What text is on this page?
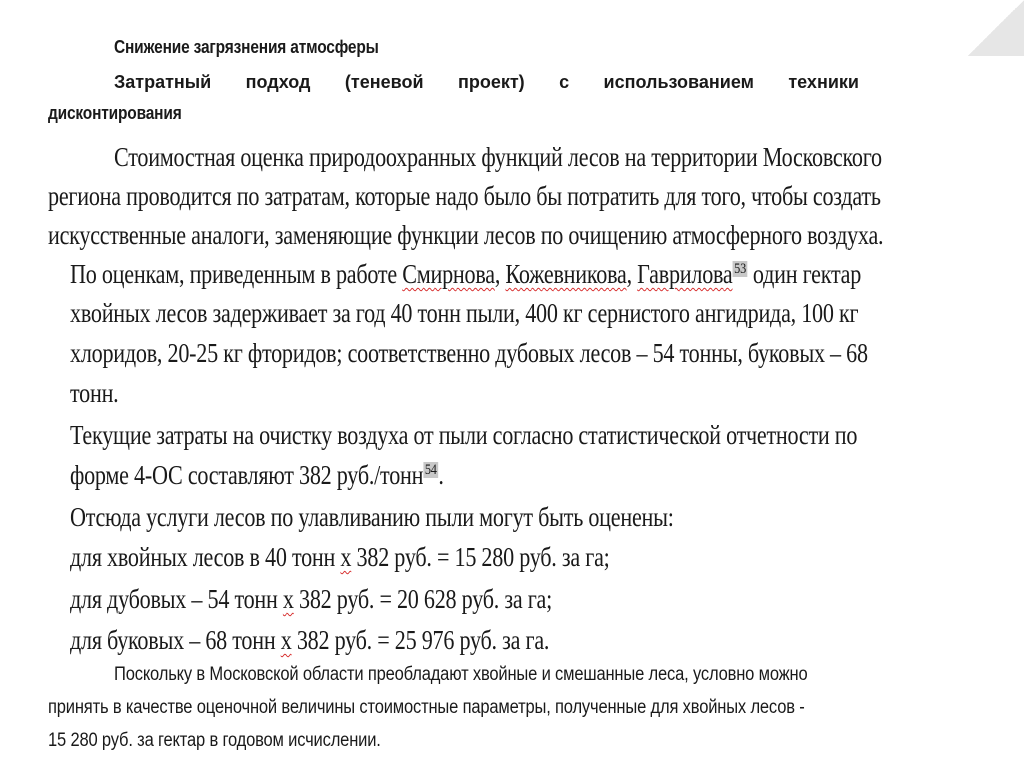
Снижение загрязнения атмосферы

Затратный подход (теневой проект) с использованием техники

дисконтирования

Стоимостная оценка природоохранных функций лесов на территории Московского

региона проводится по затратам, которые надо было бы потратить для того, чтобы создать

искусственные аналоги, заменяющие функции лесов по очищению атмосферного воздуха.

По оценкам, приведенным в работе Смирнова, Кожевникова, Гаврилова $^{53}$ один гектар

хвойных лесов задерживает за год 40 тонн пыли, 400 кг сернистого ангидрида, 100 кг

хлоридов, 20-25 кг фторидов; соответственно дубовых лесов – 54 тонны, буковых – 68

тонн.

Текущие затраты на очистку воздуха от пыли согласно статистической отчетности по

форме 4-ОС составляют 382 руб./тонн $^{54}$.

Отсюда услуги лесов по улавливанию пыли могут быть оценены:

для хвойных лесов в 40 тонн х 382 руб. = 15 280 руб. за га;

для дубовых – 54 тонн х 382 руб. = 20 628 руб. за га;

для буковых – 68 тонн х 382 руб. = 25 976 руб. за га.

Поскольку в Московской области преобладают хвойные и смешанные леса, условно можно

принять в качестве оценочной величины стоимостные параметры, полученные для хвойных лесов -

15 280 руб. за гектар в годовом исчислении.
